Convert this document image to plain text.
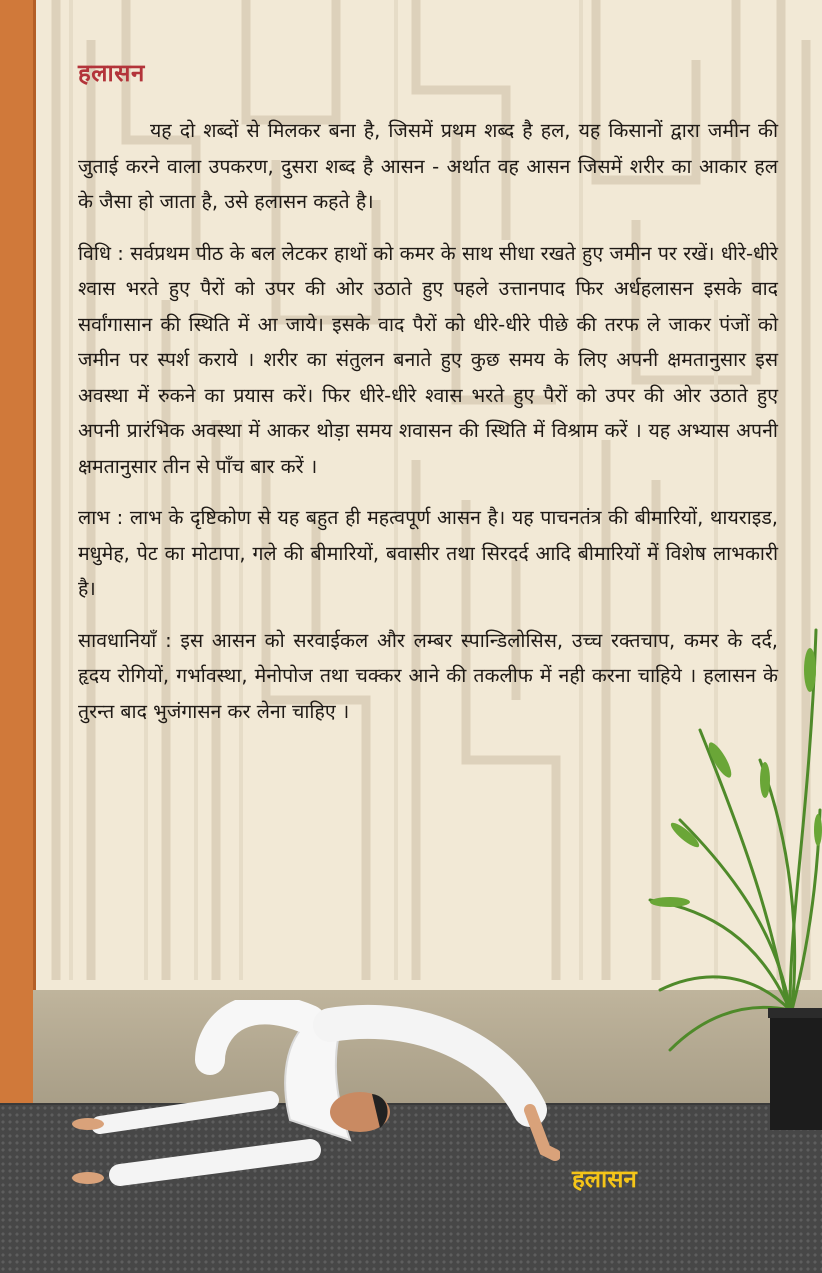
हलासन

यह दो शब्दों से मिलकर बना है, जिसमें प्रथम शब्द है हल, यह किसानों द्वारा जमीन की जुताई करने वाला उपकरण, दुसरा शब्द है आसन - अर्थात वह आसन जिसमें शरीर का आकार हल के जैसा हो जाता है, उसे हलासन कहते है।

विधि : सर्वप्रथम पीठ के बल लेटकर हाथों को कमर के साथ सीधा रखते हुए जमीन पर रखें। धीरे-धीरे श्वास भरते हुए पैरों को उपर की ओर उठाते हुए पहले उत्तानपाद फिर अर्धहलासन इसके वाद सर्वांगासान की स्थिति में आ जाये। इसके वाद पैरों को धीरे-धीरे पीछे की तरफ ले जाकर पंजों को जमीन पर स्पर्श कराये । शरीर का संतुलन बनाते हुए कुछ समय के लिए अपनी क्षमतानुसार इस अवस्था में रुकने का प्रयास करें। फिर धीरे-धीरे श्वास भरते हुए पैरों को उपर की ओर उठाते हुए अपनी प्रारंभिक अवस्था में आकर थोड़ा समय शवासन की स्थिति में विश्राम करें । यह अभ्यास अपनी क्षमतानुसार तीन से पाँच बार करें ।

लाभ : लाभ के दृष्टिकोण से यह बहुत ही महत्वपूर्ण आसन है। यह पाचनतंत्र की बीमारियों, थायराइड, मधुमेह, पेट का मोटापा, गले की बीमारियों, बवासीर तथा सिरदर्द आदि बीमारियों में विशेष लाभकारी है।

सावधानियाँ : इस आसन को सरवाईकल और लम्बर स्पान्डिलोसिस, उच्च रक्तचाप, कमर के दर्द, हृदय रोगियों, गर्भावस्था, मेनोपोज तथा चक्कर आने की तकलीफ में नही करना चाहिये । हलासन के तुरन्त बाद भुजंगासन कर लेना चाहिए ।

हलासन
